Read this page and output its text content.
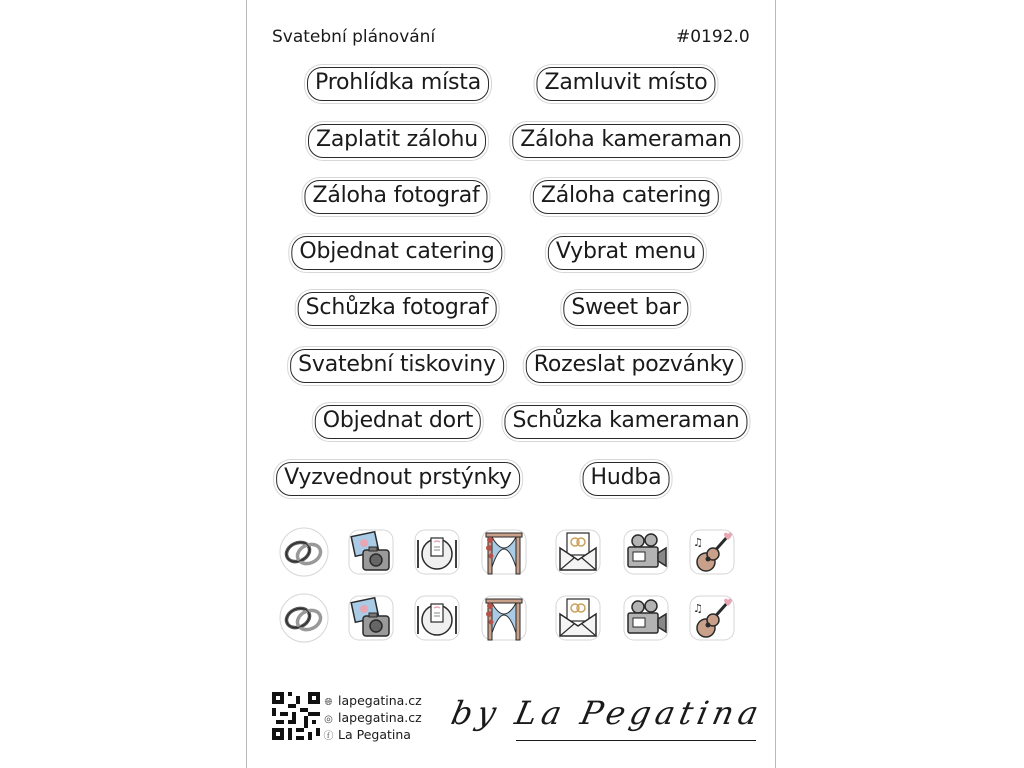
Svatební plánování	#0192.0
Prohlídka místa	Zamluvit místo
Zaplatit zálohu	Záloha kameraman
Záloha fotograf	Záloha catering
Objednat catering	Vybrat menu
Schůzka fotograf	Sweet bar
Svatební tiskoviny	Rozeslat pozvánky
Objednat dort	Schůzka kameraman
Vyzvednout prstýnky	Hudba
♫
♫
🌐︎ lapegatina.cz
◎ lapegatina.cz
ⓕ La Pegatina
by La Pegatina
